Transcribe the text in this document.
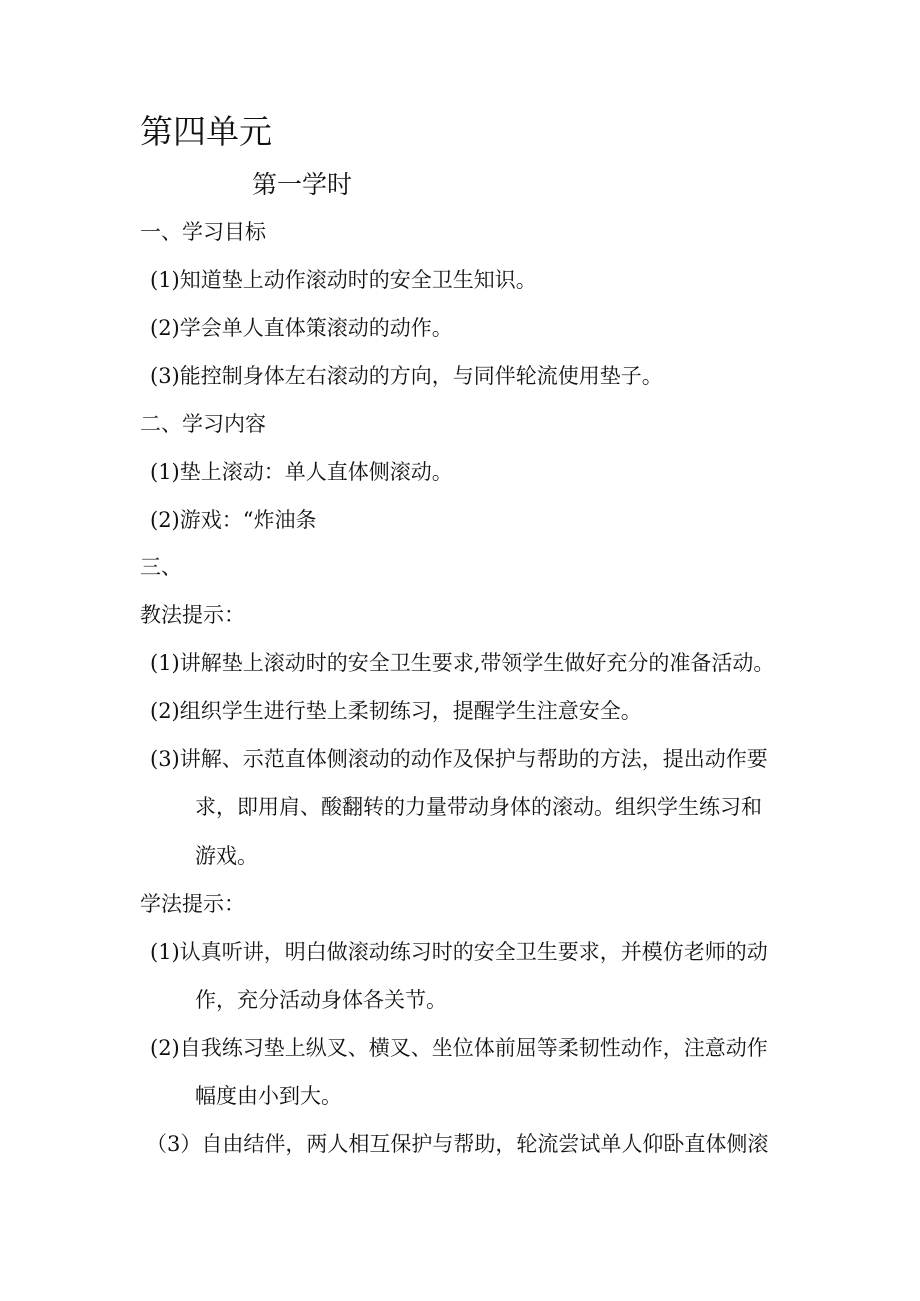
第四单元
第一学时
一、学习目标
(1)知道垫上动作滚动时的安全卫生知识。
(2)学会单人直体策滚动的动作。
(3)能控制身体左右滚动的方向，与同伴轮流使用垫子。
二、学习内容
(1)垫上滚动：单人直体侧滚动。
(2)游戏：“炸油条
三、
教法提示：
(1)讲解垫上滚动时的安全卫生要求,带领学生做好充分的准备活动。
(2)组织学生进行垫上柔韧练习，提醒学生注意安全。
(3)讲解、示范直体侧滚动的动作及保护与帮助的方法，提出动作要
求，即用肩、酸翻转的力量带动身体的滚动。组织学生练习和
游戏。
学法提示：
(1)认真听讲，明白做滚动练习时的安全卫生要求，并模仿老师的动
作，充分活动身体各关节。
(2)自我练习垫上纵叉、横叉、坐位体前屈等柔韧性动作，注意动作
幅度由小到大。
（3）自由结伴，两人相互保护与帮助，轮流尝试单人仰卧直体侧滚
